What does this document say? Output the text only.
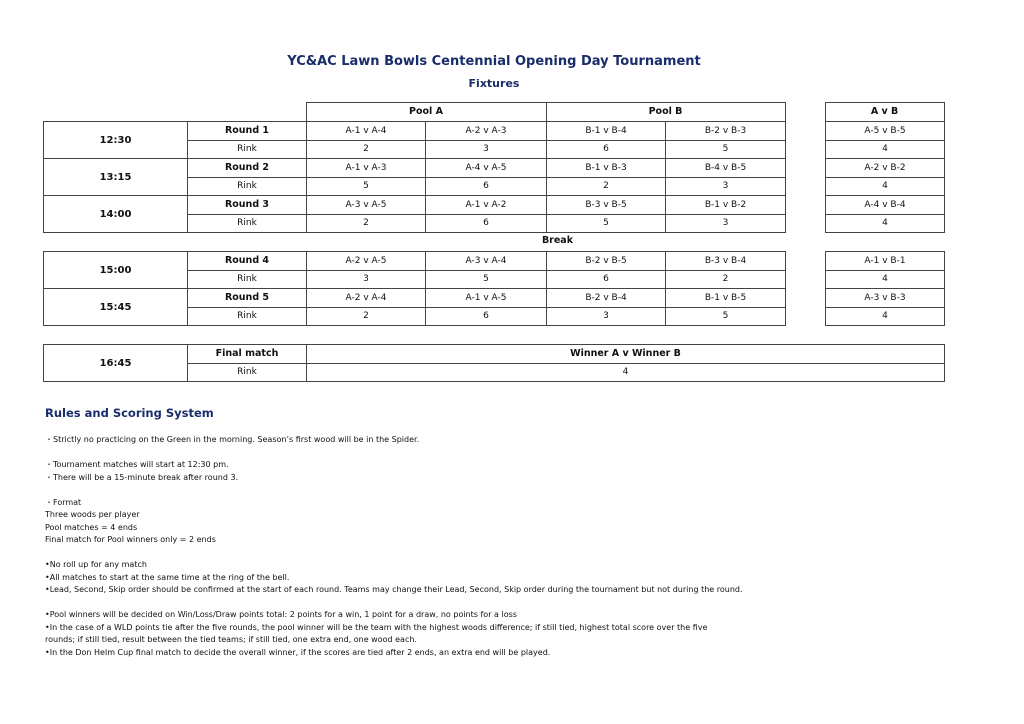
YC&AC Lawn Bowls Centennial Opening Day Tournament
Fixtures
		Pool A	Pool B		A v B
12:30	Round 1	A-1 v A-4	A-2 v A-3	B-1 v B-4	B-2 v B-3		A-5 v B-5
	Rink	2	3	6	5		4
13:15	Round 2	A-1 v A-3	A-4 v A-5	B-1 v B-3	B-4 v B-5		A-2 v B-2
	Rink	5	6	2	3		4
14:00	Round 3	A-3 v A-5	A-1 v A-2	B-3 v B-5	B-1 v B-2		A-4 v B-4
	Rink	2	6	5	3		4
Break
15:00	Round 4	A-2 v A-5	A-3 v A-4	B-2 v B-5	B-3 v B-4		A-1 v B-1
	Rink	3	5	6	2		4
15:45	Round 5	A-2 v A-4	A-1 v A-5	B-2 v B-4	B-1 v B-5		A-3 v B-3
	Rink	2	6	3	5		4
16:45	Final match	Winner A v Winner B
	Rink	4
Rules and Scoring System
・Strictly no practicing on the Green in the morning. Season’s first wood will be in the Spider.
・Tournament matches will start at 12:30 pm.
・There will be a 15-minute break after round 3.
・Format
Three woods per player
Pool matches = 4 ends
Final match for Pool winners only = 2 ends
•No roll up for any match
•All matches to start at the same time at the ring of the bell.
•Lead, Second, Skip order should be confirmed at the start of each round. Teams may change their Lead, Second, Skip order during the tournament but not during the round.
•Pool winners will be decided on Win/Loss/Draw points total: 2 points for a win, 1 point for a draw, no points for a loss
•In the case of a WLD points tie after the five rounds, the pool winner will be the team with the highest woods difference; if still tied, highest total score over the five
rounds; if still tied, result between the tied teams; if still tied, one extra end, one wood each.
•In the Don Helm Cup final match to decide the overall winner, if the scores are tied after 2 ends, an extra end will be played.
